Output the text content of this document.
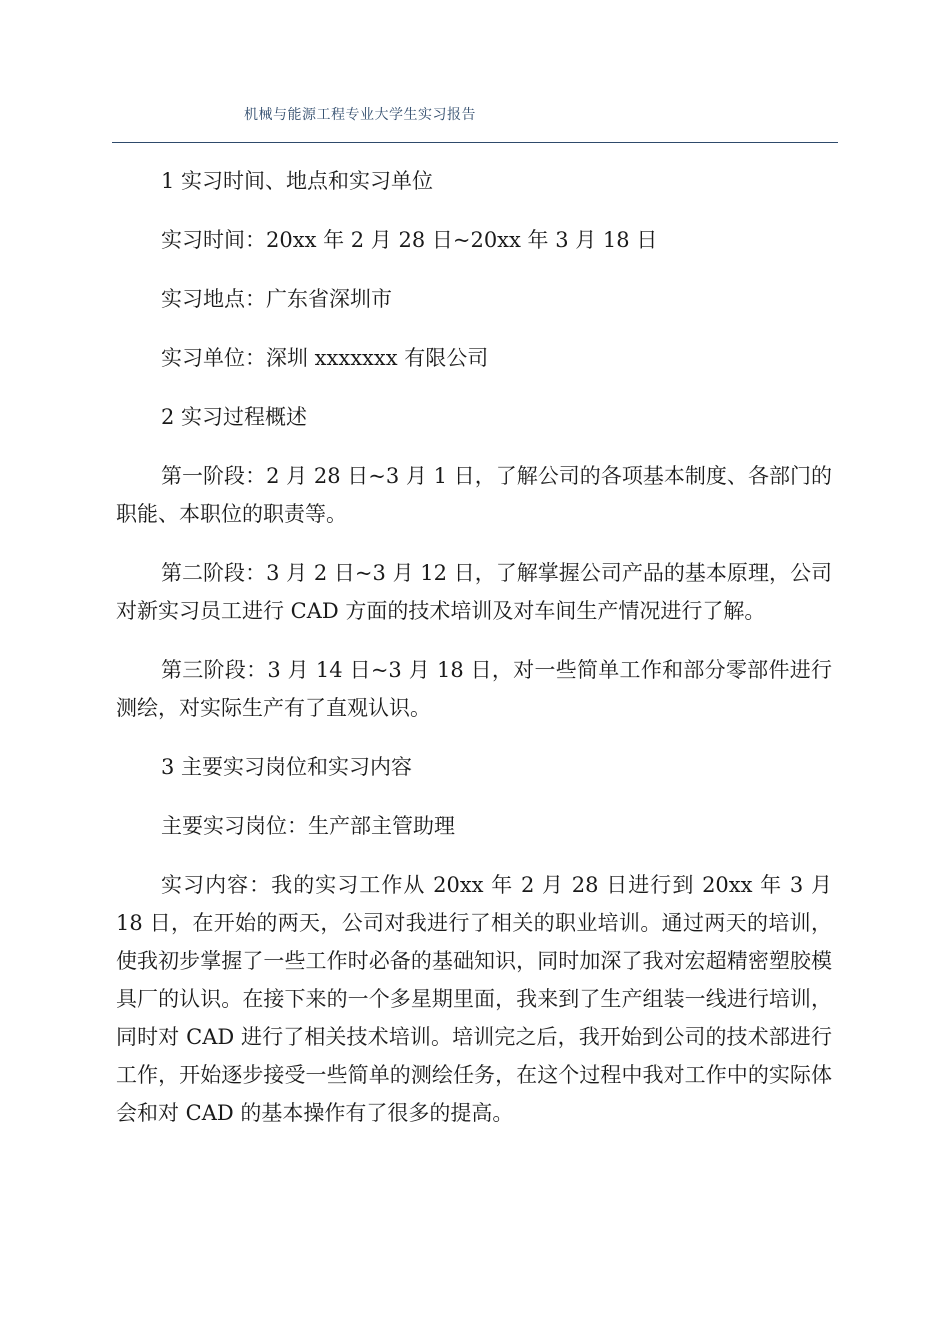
机械与能源工程专业大学生实习报告

1 实习时间、地点和实习单位

实习时间：20xx 年 2 月 28 日~20xx 年 3 月 18 日

实习地点：广东省深圳市

实习单位：深圳 xxxxxxx 有限公司

2 实习过程概述

第一阶段：2 月 28 日~3 月 1 日，了解公司的各项基本制度、各部门的职能、本职位的职责等。

第二阶段：3 月 2 日~3 月 12 日，了解掌握公司产品的基本原理，公司对新实习员工进行 CAD 方面的技术培训及对车间生产情况进行了解。

第三阶段：3 月 14 日~3 月 18 日，对一些简单工作和部分零部件进行测绘，对实际生产有了直观认识。

3 主要实习岗位和实习内容

主要实习岗位：生产部主管助理

实习内容：我的实习工作从 20xx 年 2 月 28 日进行到 20xx 年 3 月 18 日，在开始的两天，公司对我进行了相关的职业培训。通过两天的培训，使我初步掌握了一些工作时必备的基础知识，同时加深了我对宏超精密塑胶模具厂的认识。在接下来的一个多星期里面，我来到了生产组装一线进行培训，同时对 CAD 进行了相关技术培训。培训完之后，我开始到公司的技术部进行工作，开始逐步接受一些简单的测绘任务，在这个过程中我对工作中的实际体会和对 CAD 的基本操作有了很多的提高。
